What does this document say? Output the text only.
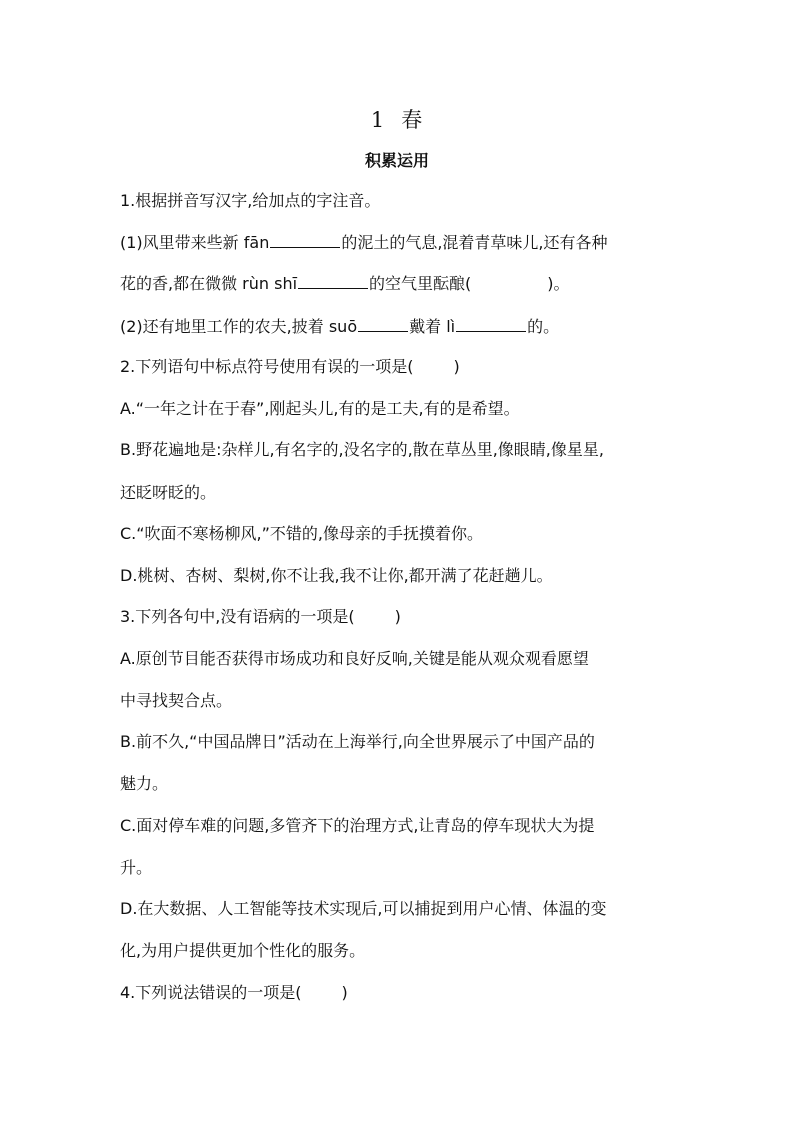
1 春
积累运用
1.根据拼音写汉字,给加点的字注音。
(1)风里带来些新 fān	的泥土的气息,混着青草味儿,还有各种
花的香,都在微微 rùn shī	的空气里酝酿(	)。
(2)还有地里工作的农夫,披着 suō	戴着 lì	的。
2.下列语句中标点符号使用有误的一项是(	)
A.“一年之计在于春”,刚起头儿,有的是工夫,有的是希望。
B.野花遍地是:杂样儿,有名字的,没名字的,散在草丛里,像眼睛,像星星,
还眨呀眨的。
C.“吹面不寒杨柳风,”不错的,像母亲的手抚摸着你。
D.桃树、杏树、梨树,你不让我,我不让你,都开满了花赶趟儿。
3.下列各句中,没有语病的一项是(	)
A.原创节目能否获得市场成功和良好反响,关键是能从观众观看愿望
中寻找契合点。
B.前不久,“中国品牌日”活动在上海举行,向全世界展示了中国产品的
魅力。
C.面对停车难的问题,多管齐下的治理方式,让青岛的停车现状大为提
升。
D.在大数据、人工智能等技术实现后,可以捕捉到用户心情、体温的变
化,为用户提供更加个性化的服务。
4.下列说法错误的一项是(	)
